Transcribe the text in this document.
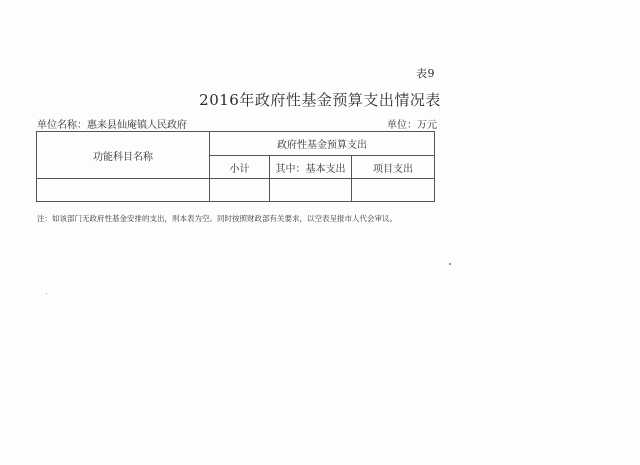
表9
2016年政府性基金预算支出情况表
单位名称：惠来县仙庵镇人民政府	单位：万元
功能科目名称	政府性基金预算支出		
	小计	其中：基本支出	项目支出

注：如该部门无政府性基金安排的支出，则本表为空。同时按照财政部有关要求，以空表呈报市人代会审议。
